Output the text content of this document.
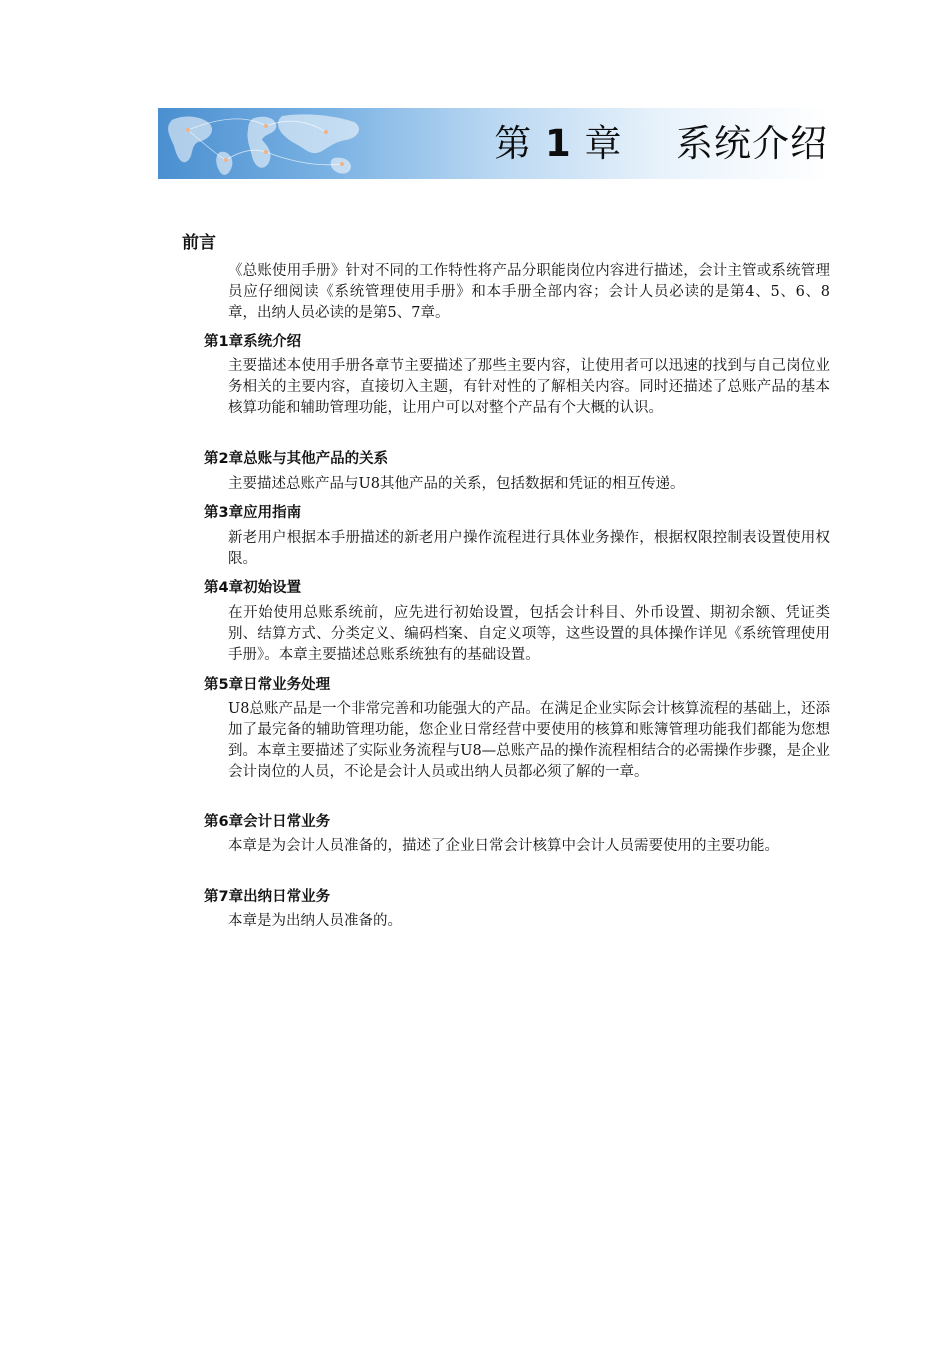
第 1 章 系统介绍
前言
《总账使用手册》针对不同的工作特性将产品分职能岗位内容进行描述，会计主管或系统管理员应仔细阅读《系统管理使用手册》和本手册全部内容；会计人员必读的是第4、5、6、8章，出纳人员必读的是第5、7章。
第1章系统介绍
主要描述本使用手册各章节主要描述了那些主要内容，让使用者可以迅速的找到与自己岗位业务相关的主要内容，直接切入主题，有针对性的了解相关内容。同时还描述了总账产品的基本核算功能和辅助管理功能，让用户可以对整个产品有个大概的认识。
第2章总账与其他产品的关系
主要描述总账产品与U8其他产品的关系，包括数据和凭证的相互传递。
第3章应用指南
新老用户根据本手册描述的新老用户操作流程进行具体业务操作，根据权限控制表设置使用权限。
第4章初始设置
在开始使用总账系统前，应先进行初始设置，包括会计科目、外币设置、期初余额、凭证类别、结算方式、分类定义、编码档案、自定义项等，这些设置的具体操作详见《系统管理使用手册》。本章主要描述总账系统独有的基础设置。
第5章日常业务处理
U8总账产品是一个非常完善和功能强大的产品。在满足企业实际会计核算流程的基础上，还添加了最完备的辅助管理功能，您企业日常经营中要使用的核算和账簿管理功能我们都能为您想到。本章主要描述了实际业务流程与U8—总账产品的操作流程相结合的必需操作步骤，是企业会计岗位的人员，不论是会计人员或出纳人员都必须了解的一章。
第6章会计日常业务
本章是为会计人员准备的，描述了企业日常会计核算中会计人员需要使用的主要功能。
第7章出纳日常业务
本章是为出纳人员准备的。
